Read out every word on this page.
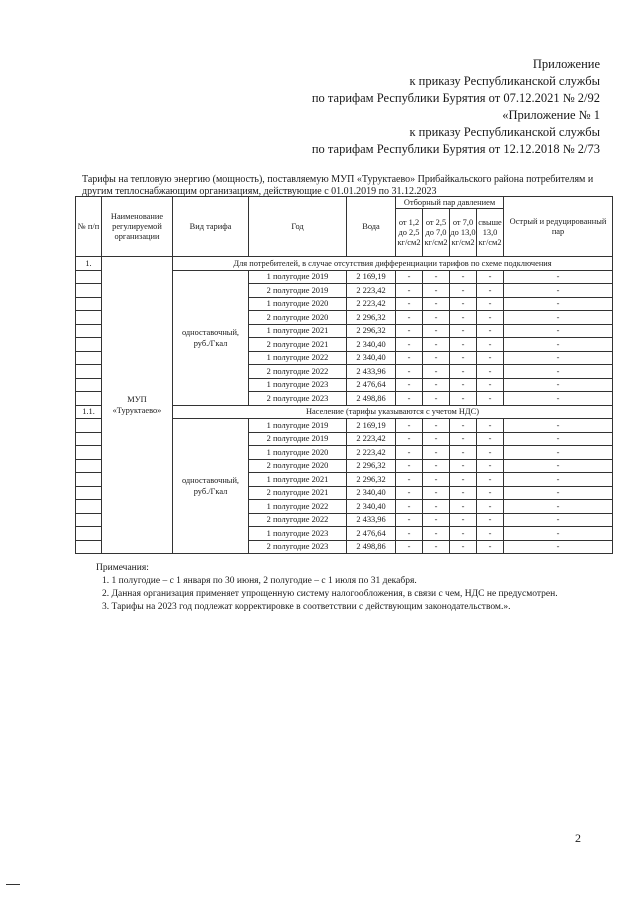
Приложение
к приказу Республиканской службы
по тарифам Республики Бурятия от 07.12.2021 № 2/92
«Приложение № 1
к приказу Республиканской службы
по тарифам Республики Бурятия от 12.12.2018 № 2/73
Тарифы на тепловую энергию (мощность), поставляемую МУП «Туруктаево» Прибайкальского района потребителям и другим теплоснабжающим организациям, действующие с 01.01.2019 по 31.12.2023
№ п/п	Наименование регулируемой организации	Вид тарифа	Год	Вода	Отборный пар давлением				Острый и редуцированный пар	
					от 1,2 до 2,5 кг/см2	от 2,5 до 7,0 кг/см2	от 7,0 до 13,0 кг/см2	свыше 13,0 кг/см2		
1.	МУП «Туруктаево»	Для потребителей, в случае отсутствия дифференциации тарифов по схеме подключения								
		одноставочный, руб./Гкал	1 полугодие 2019	2 169,19	-	-	-	-	-	
			2 полугодие 2019	2 223,42	-	-	-	-	-	
			1 полугодие 2020	2 223,42	-	-	-	-	-	
			2 полугодие 2020	2 296,32	-	-	-	-	-	
			1 полугодие 2021	2 296,32	-	-	-	-	-	
			2 полугодие 2021	2 340,40	-	-	-	-	-	
			1 полугодие 2022	2 340,40	-	-	-	-	-	
			2 полугодие 2022	2 433,96	-	-	-	-	-	
			1 полугодие 2023	2 476,64	-	-	-	-	-	
			2 полугодие 2023	2 498,86	-	-	-	-	-	
1.1.		Население (тарифы указываются с учетом НДС)								
		одноставочный, руб./Гкал	1 полугодие 2019	2 169,19	-	-	-	-	-	
			2 полугодие 2019	2 223,42	-	-	-	-	-	
			1 полугодие 2020	2 223,42	-	-	-	-	-	
			2 полугодие 2020	2 296,32	-	-	-	-	-	
			1 полугодие 2021	2 296,32	-	-	-	-	-	
			2 полугодие 2021	2 340,40	-	-	-	-	-	
			1 полугодие 2022	2 340,40	-	-	-	-	-	
			2 полугодие 2022	2 433,96	-	-	-	-	-	
			1 полугодие 2023	2 476,64	-	-	-	-	-	
			2 полугодие 2023	2 498,86	-	-	-	-	-	

Примечания:

1. 1 полугодие – с 1 января по 30 июня, 2 полугодие – с 1 июля по 31 декабря.

2. Данная организация применяет упрощенную систему налогообложения, в связи с чем, НДС не предусмотрен.

3. Тарифы на 2023 год подлежат корректировке в соответствии с действующим законодательством.».

2
